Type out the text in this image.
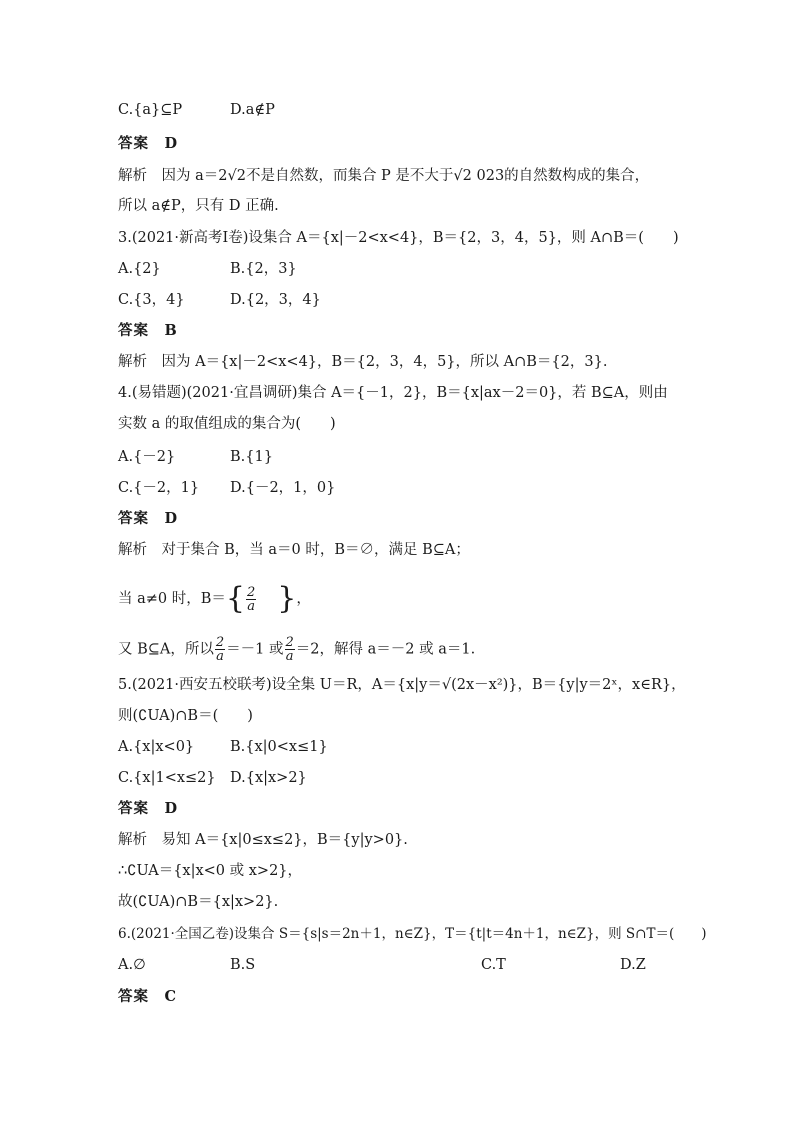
C.{a}⊆P	D.a∉P
答案　D
解析　因为 a＝2√2不是自然数，而集合 P 是不大于√2 023的自然数构成的集合，
所以 a∉P，只有 D 正确.
3.(2021·新高考Ⅰ卷)设集合 A＝{x|－2<x<4}，B＝{2，3，4，5}，则 A∩B＝(　　)
A.{2}	B.{2，3}
C.{3，4}	D.{2，3，4}
答案　B
解析　因为 A＝{x|－2<x<4}，B＝{2，3，4，5}，所以 A∩B＝{2，3}.
4.(易错题)(2021·宜昌调研)集合 A＝{－1，2}，B＝{x|ax－2＝0}，若 B⊆A，则由
实数 a 的取值组成的集合为(　　)
A.{－2}	B.{1}
C.{－2，1} D.{－2，1，0}
答案　D
解析　对于集合 B，当 a＝0 时，B＝∅，满足 B⊆A；
当 a≠0 时，$B=\{ \frac{2}{a}$ }，
又 B⊆A，所以 $\frac{2}{a} =-1$ 或 $\frac{2}{a} =2$，解得 a＝－2 或 a＝1.
5.(2021·西安五校联考)设全集 U＝R，A＝{x|y＝√(2x－x²)}，B＝{y|y＝2ˣ，x∈R}，
则(∁UA)∩B＝(　　)
A.{x|x<0} B.{x|0<x≤1}
C.{x|1<x≤2} D.{x|x>2}
答案　D
解析　易知 A＝{x|0≤x≤2}，B＝{y|y>0}.
∴∁UA＝{x|x<0 或 x>2}，
故(∁UA)∩B＝{x|x>2}.
6.(2021·全国乙卷)设集合 S＝{s|s＝2n＋1，n∈Z}，T＝{t|t＝4n＋1，n∈Z}，则 S∩T＝(　　)
A.∅	B.S	C.T	D.Z
答案　C
